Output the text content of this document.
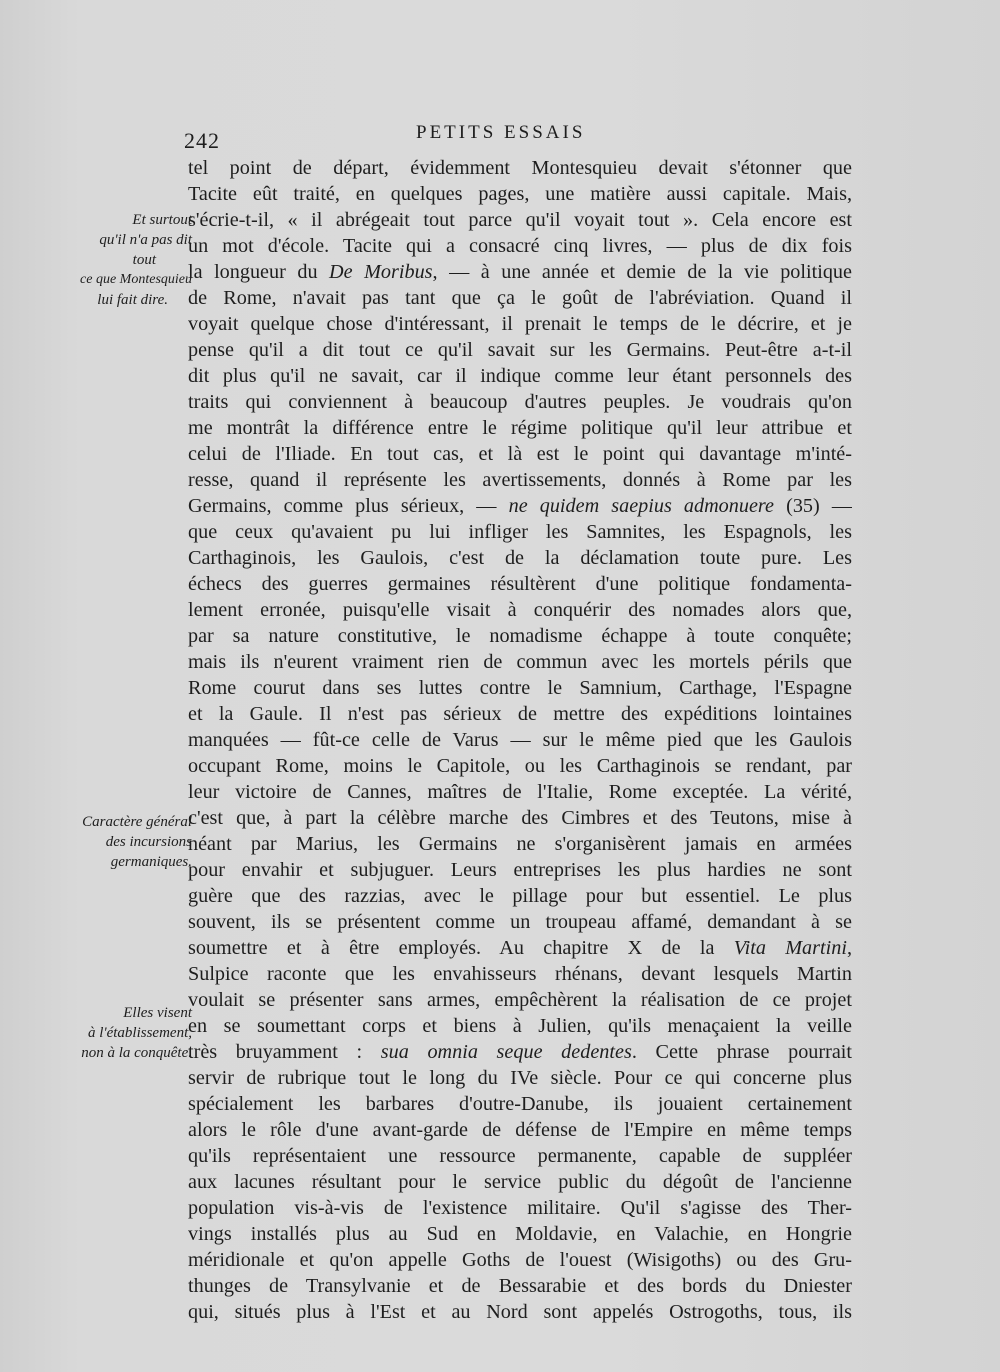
242	PETITS ESSAIS
Et surtout
qu'il n'a pas dit
tout
ce que Montesquieu
lui fait dire.
Caractère général
des incursions
germaniques.
Elles visent
à l'établissement,
non à la conquête.
tel point de départ, évidemment Montesquieu devait s'étonner que
Tacite eût traité, en quelques pages, une matière aussi capitale. Mais,
s'écrie-t-il, « il abrégeait tout parce qu'il voyait tout ». Cela encore est
un mot d'école. Tacite qui a consacré cinq livres, — plus de dix fois
la longueur du De Moribus, — à une année et demie de la vie politique
de Rome, n'avait pas tant que ça le goût de l'abréviation. Quand il
voyait quelque chose d'intéressant, il prenait le temps de le décrire, et je
pense qu'il a dit tout ce qu'il savait sur les Germains. Peut-être a-t-il
dit plus qu'il ne savait, car il indique comme leur étant personnels des
traits qui conviennent à beaucoup d'autres peuples. Je voudrais qu'on
me montrât la différence entre le régime politique qu'il leur attribue et
celui de l'Iliade. En tout cas, et là est le point qui davantage m'inté-
resse, quand il représente les avertissements, donnés à Rome par les
Germains, comme plus sérieux, — ne quidem saepius admonuere (35) —
que ceux qu'avaient pu lui infliger les Samnites, les Espagnols, les
Carthaginois, les Gaulois, c'est de la déclamation toute pure. Les
échecs des guerres germaines résultèrent d'une politique fondamenta-
lement erronée, puisqu'elle visait à conquérir des nomades alors que,
par sa nature constitutive, le nomadisme échappe à toute conquête;
mais ils n'eurent vraiment rien de commun avec les mortels périls que
Rome courut dans ses luttes contre le Samnium, Carthage, l'Espagne
et la Gaule. Il n'est pas sérieux de mettre des expéditions lointaines
manquées — fût-ce celle de Varus — sur le même pied que les Gaulois
occupant Rome, moins le Capitole, ou les Carthaginois se rendant, par
leur victoire de Cannes, maîtres de l'Italie, Rome exceptée. La vérité,
c'est que, à part la célèbre marche des Cimbres et des Teutons, mise à
néant par Marius, les Germains ne s'organisèrent jamais en armées
pour envahir et subjuguer. Leurs entreprises les plus hardies ne sont
guère que des razzias, avec le pillage pour but essentiel. Le plus
souvent, ils se présentent comme un troupeau affamé, demandant à se
soumettre et à être employés. Au chapitre X de la Vita Martini,
Sulpice raconte que les envahisseurs rhénans, devant lesquels Martin
voulait se présenter sans armes, empêchèrent la réalisation de ce projet
en se soumettant corps et biens à Julien, qu'ils menaçaient la veille
très bruyamment : sua omnia seque dedentes. Cette phrase pourrait
servir de rubrique tout le long du IVe siècle. Pour ce qui concerne plus
spécialement les barbares d'outre-Danube, ils jouaient certainement
alors le rôle d'une avant-garde de défense de l'Empire en même temps
qu'ils représentaient une ressource permanente, capable de suppléer
aux lacunes résultant pour le service public du dégoût de l'ancienne
population vis-à-vis de l'existence militaire. Qu'il s'agisse des Ther-
vings installés plus au Sud en Moldavie, en Valachie, en Hongrie
méridionale et qu'on appelle Goths de l'ouest (Wisigoths) ou des Gru-
thunges de Transylvanie et de Bessarabie et des bords du Dniester
qui, situés plus à l'Est et au Nord sont appelés Ostrogoths, tous, ils
